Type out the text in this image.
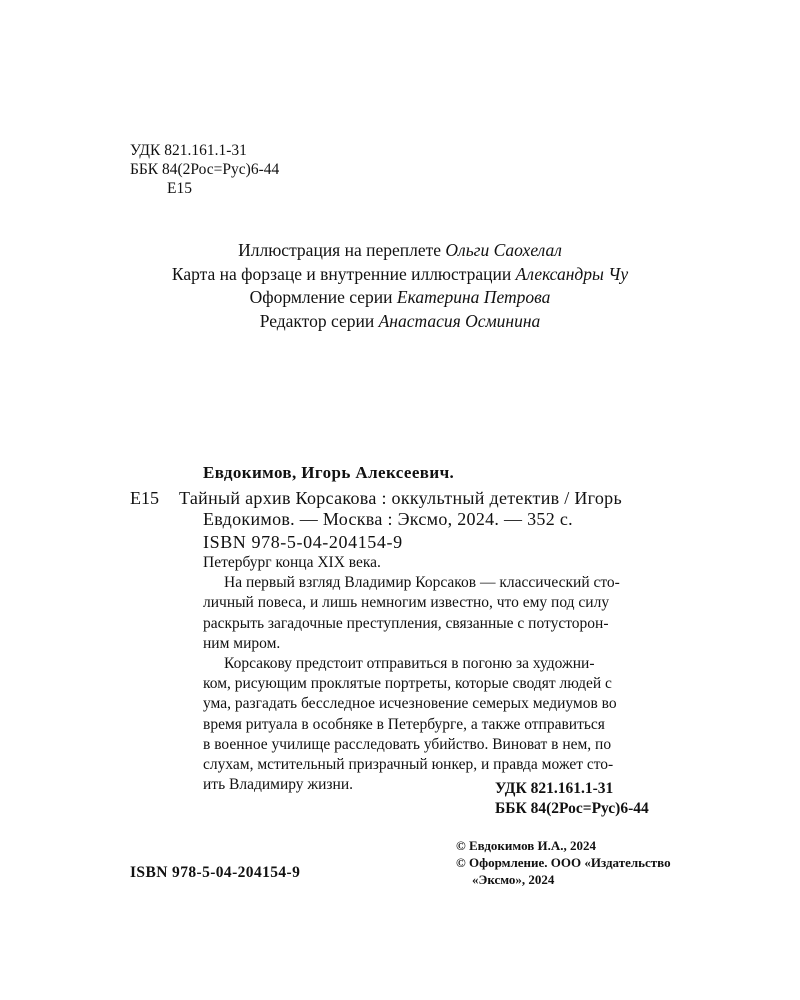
УДК 821.161.1-31
ББК 84(2Рос=Рус)6-44
Е15
Иллюстрация на переплете Ольги Саохелал
Карта на форзаце и внутренние иллюстрации Александры Чу
Оформление серии Екатерина Петрова
Редактор серии Анастасия Осминина
Евдокимов, Игорь Алексеевич.
Е15 Тайный архив Корсакова : оккультный детектив / Игорь
Евдокимов. — Москва : Эксмо, 2024. — 352 с.
ISBN 978-5-04-204154-9
Петербург конца XIX века.
На первый взгляд Владимир Корсаков — классический сто-
личный повеса, и лишь немногим известно, что ему под силу
раскрыть загадочные преступления, связанные с потусторон-
ним миром.
Корсакову предстоит отправиться в погоню за художни-
ком, рисующим проклятые портреты, которые сводят людей с
ума, разгадать бесследное исчезновение семерых медиумов во
время ритуала в особняке в Петербурге, а также отправиться
в военное училище расследовать убийство. Виноват в нем, по
слухам, мстительный призрачный юнкер, и правда может сто-
ить Владимиру жизни.	УДК 821.161.1-31
ББК 84(2Рос=Рус)6-44
© Евдокимов И.А., 2024
© Оформление. ООО «Издательство
«Эксмо», 2024
ISBN 978-5-04-204154-9
